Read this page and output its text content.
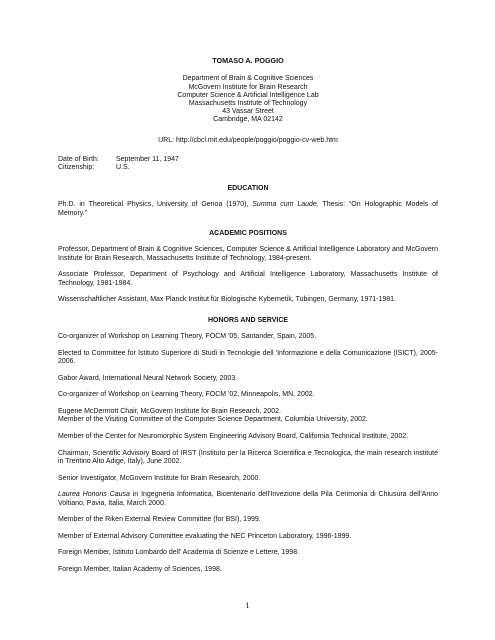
TOMASO A. POGGIO
Department of Brain & Cognitive Sciences
McGovern Institute for Brain Research
Computer Science & Artificial Intelligence Lab
Massachusetts Institute of Technology
43 Vassar Street
Cambridge, MA 02142
URL: http://cbcl.mit.edu/people/poggio/poggio-cv-web.htm
Date of Birth:	September 11, 1947
Citizenship:	U.S.
EDUCATION
Ph.D. in Theoretical Physics, University of Genoa (1970), Summa cum Laude. Thesis: “On Holographic Models of Memory.”
ACADEMIC POSITIONS
Professor, Department of Brain & Cognitive Sciences, Computer Science & Artificial Intelligence Laboratory and McGovern Institute for Brain Research, Massachusetts Institute of Technology, 1984-present.
Associate Professor, Department of Psychology and Artificial Intelligence Laboratory, Massachusetts Institute of Technology, 1981-1984.
Wissenschaftlicher Assistant, Max Planck Institut für Biologische Kybernetik, Tubingen, Germany, 1971-1981.
HONORS AND SERVICE
Co-organizer of Workshop on Learning Theory, FOCM '05, Santander, Spain, 2005.
Elected to Committee for Istituto Superiore di Studi in Tecnologie dell 'Informazione e della Comunicazione (ISICT), 2005-2006.
Gabor Award, International Neural Network Society, 2003.
Co-organizer of Workshop on Learning Theory, FOCM '02, Minneapolis, MN, 2002.
Eugene McDermott Chair, McGovern Institute for Brain Research, 2002.
Member of the Visiting Committee of the Computer Science Department, Columbia University, 2002.
Member of the Center for Neuromorphic System Engineering Advisory Board, California Technical Institute, 2002.
Chairman, Scientific Advisory Board of IRST (Instituto per la Ricerca Scientifica e Tecnologica, the main research institute in Trentino Alto Adige, Italy), June 2002.
Senior Investigator, McGovern Institute for Brain Research, 2000.
Laurea Honoris Causa in Ingegneria Informatica, Bicentenario dell'Invezione della Pila Cerimonia di Chiusura dell'Anno Voltiano, Pavia, Italia, March 2000.
Member of the Riken External Review Committee (for BSI), 1999.
Member of External Advisory Committee evaluating the NEC Princeton Laboratory, 1996-1999.
Foreign Member, Istituto Lombardo dell' Academia di Scienze e Lettere, 1998.
Foreign Member, Italian Academy of Sciences, 1998.
1
